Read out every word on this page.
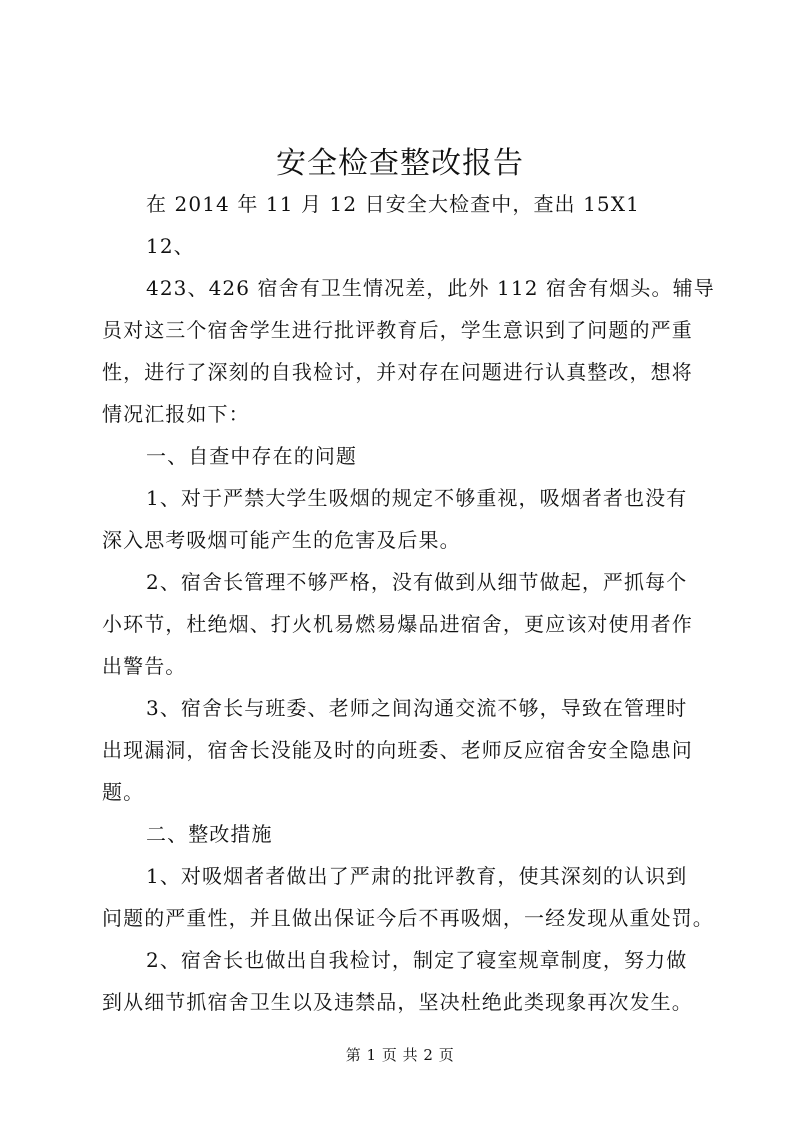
安全检查整改报告
在 2014 年 11 月 12 日安全大检查中，查出 15X1
12、
423、426 宿舍有卫生情况差，此外 112 宿舍有烟头。辅导
员对这三个宿舍学生进行批评教育后，学生意识到了问题的严重
性，进行了深刻的自我检讨，并对存在问题进行认真整改，想将
情况汇报如下：
一、自查中存在的问题
1、对于严禁大学生吸烟的规定不够重视，吸烟者者也没有
深入思考吸烟可能产生的危害及后果。
2、宿舍长管理不够严格，没有做到从细节做起，严抓每个
小环节，杜绝烟、打火机易燃易爆品进宿舍，更应该对使用者作
出警告。
3、宿舍长与班委、老师之间沟通交流不够，导致在管理时
出现漏洞，宿舍长没能及时的向班委、老师反应宿舍安全隐患问
题。
二、整改措施
1、对吸烟者者做出了严肃的批评教育，使其深刻的认识到
问题的严重性，并且做出保证今后不再吸烟，一经发现从重处罚。
2、宿舍长也做出自我检讨，制定了寝室规章制度，努力做
到从细节抓宿舍卫生以及违禁品，坚决杜绝此类现象再次发生。
第 1 页 共 2 页
